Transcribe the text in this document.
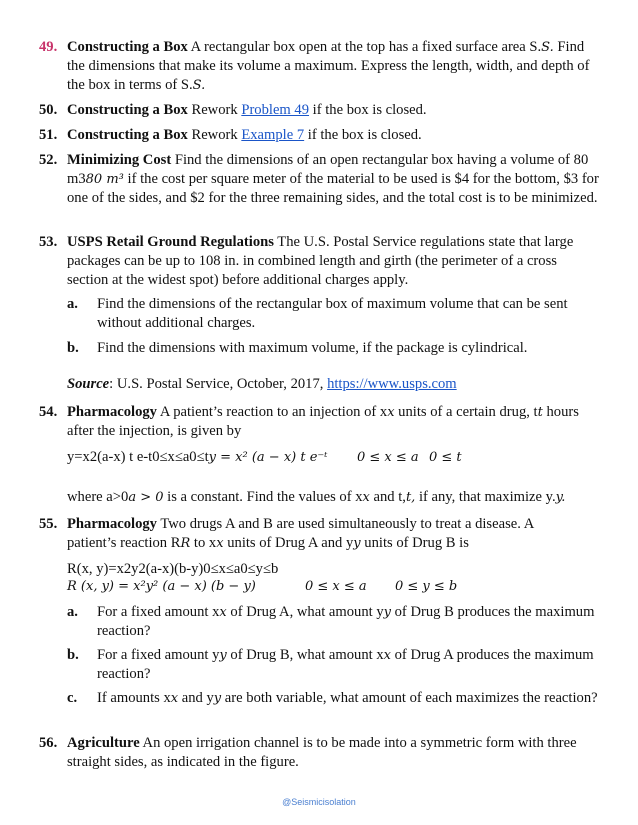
49. Constructing a Box A rectangular box open at the top has a fixed surface area S.S. Find the dimensions that make its volume a maximum. Express the length, width, and depth of the box in terms of S.S.
50. Constructing a Box Rework Problem 49 if the box is closed.
51. Constructing a Box Rework Example 7 if the box is closed.
52. Minimizing Cost Find the dimensions of an open rectangular box having a volume of 80 m380 m³ if the cost per square meter of the material to be used is $4 for the bottom, $3 for one of the sides, and $2 for the three remaining sides, and the total cost is to be minimized.
53. USPS Retail Ground Regulations The U.S. Postal Service regulations state that large packages can be up to 108 in. in combined length and girth (the perimeter of a cross section at the widest spot) before additional charges apply.
a.	Find the dimensions of the rectangular box of maximum volume that can be sent without additional charges.
b.	Find the dimensions with maximum volume, if the package is cylindrical.
Source: U.S. Postal Service, October, 2017, https://www.usps.com
54. Pharmacology A patient’s reaction to an injection of xx units of a certain drug, tt hours after the injection, is given by
y=x2(a-x) t e-t0≤x≤a0≤ty = x² (a − x) t e⁻ᵗ 0 ≤ x ≤ a 0 ≤ t
where a>0a > 0 is a constant. Find the values of xx and t,t, if any, that maximize y.y.
55. Pharmacology Two drugs A and B are used simultaneously to treat a disease. A
patient’s reaction RR to xx units of Drug A and yy units of Drug B is
R(x, y)=x2y2(a-x)(b-y)0≤x≤a0≤y≤b
R (x, y) = x²y² (a − x) (b − y)	0 ≤ x ≤ a 0 ≤ y ≤ b
a.	For a fixed amount xx of Drug A, what amount yy of Drug B produces the maximum reaction?
b.	For a fixed amount yy of Drug B, what amount xx of Drug A produces the maximum reaction?
c.	If amounts xx and yy are both variable, what amount of each maximizes the reaction?
56. Agriculture An open irrigation channel is to be made into a symmetric form with three straight sides, as indicated in the figure.
@Seismicisolation
